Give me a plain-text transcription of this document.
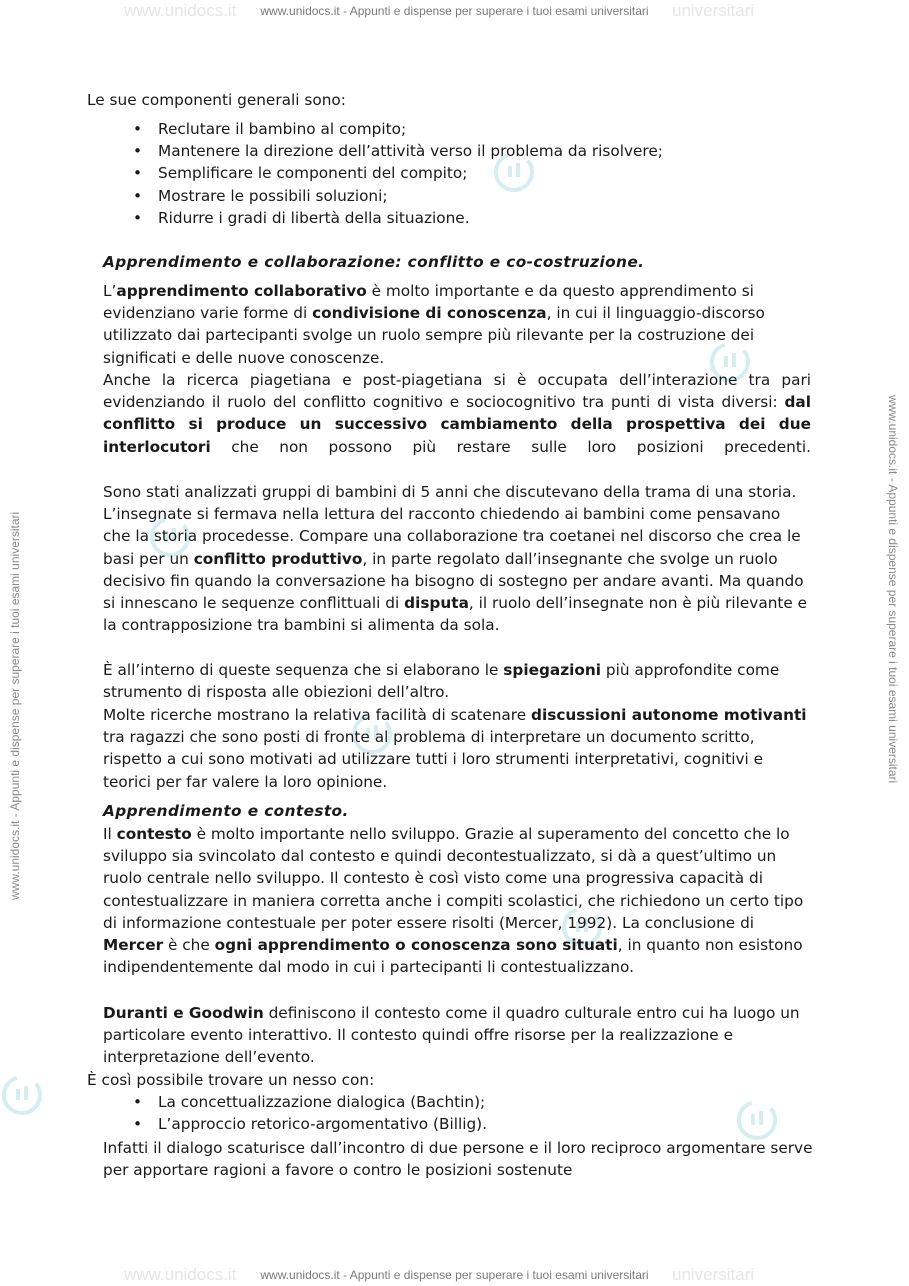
www.unidocs.it	universitari
www.unidocs.it	universitari
www.unidocs.it - Appunti e dispense per superare i tuoi esami universitari
www.unidocs.it - Appunti e dispense per superare i tuoi esami universitari
www.unidocs.it - Appunti e dispense per superare i tuoi esami universitari	www.unidocs.it - Appunti e dispense per superare i tuoi esami universitari

Le sue componenti generali sono:

• Reclutare il bambino al compito;
• Mantenere la direzione dell’attività verso il problema da risolvere;
• Semplificare le componenti del compito;
• Mostrare le possibili soluzioni;
• Ridurre i gradi di libertà della situazione.

Apprendimento e collaborazione: conflitto e co-costruzione.

L’apprendimento collaborativo è molto importante e da questo apprendimento si evidenziano varie forme di condivisione di conoscenza, in cui il linguaggio-discorso utilizzato dai partecipanti svolge un ruolo sempre più rilevante per la costruzione dei significati e delle nuove conoscenze.

Anche la ricerca piagetiana e post-piagetiana si è occupata dell’interazione tra pari evidenziando il ruolo del conflitto cognitivo e sociocognitivo tra punti di vista diversi: dal conflitto si produce un successivo cambiamento della prospettiva dei due interlocutori che non possono più restare sulle loro posizioni precedenti.

Sono stati analizzati gruppi di bambini di 5 anni che discutevano della trama di una storia. L’insegnate si fermava nella lettura del racconto chiedendo ai bambini come pensavano che la storia procedesse. Compare una collaborazione tra coetanei nel discorso che crea le basi per un conflitto produttivo, in parte regolato dall’insegnante che svolge un ruolo decisivo fin quando la conversazione ha bisogno di sostegno per andare avanti. Ma quando si innescano le sequenze conflittuali di disputa, il ruolo dell’insegnate non è più rilevante e la contrapposizione tra bambini si alimenta da sola.

È all’interno di queste sequenza che si elaborano le spiegazioni più approfondite come strumento di risposta alle obiezioni dell’altro.

Molte ricerche mostrano la relativa facilità di scatenare discussioni autonome motivanti tra ragazzi che sono posti di fronte al problema di interpretare un documento scritto, rispetto a cui sono motivati ad utilizzare tutti i loro strumenti interpretativi, cognitivi e teorici per far valere la loro opinione.

Apprendimento e contesto.

Il contesto è molto importante nello sviluppo. Grazie al superamento del concetto che lo sviluppo sia svincolato dal contesto e quindi decontestualizzato, si dà a quest’ultimo un ruolo centrale nello sviluppo. Il contesto è così visto come una progressiva capacità di contestualizzare in maniera corretta anche i compiti scolastici, che richiedono un certo tipo di informazione contestuale per poter essere risolti (Mercer, 1992). La conclusione di Mercer è che ogni apprendimento o conoscenza sono situati, in quanto non esistono indipendentemente dal modo in cui i partecipanti li contestualizzano.

Duranti e Goodwin definiscono il contesto come il quadro culturale entro cui ha luogo un particolare evento interattivo. Il contesto quindi offre risorse per la realizzazione e interpretazione dell’evento.

È così possibile trovare un nesso con:

• La concettualizzazione dialogica (Bachtin);
• L’approccio retorico-argomentativo (Billig).

Infatti il dialogo scaturisce dall’incontro di due persone e il loro reciproco argomentare serve per apportare ragioni a favore o contro le posizioni sostenute
